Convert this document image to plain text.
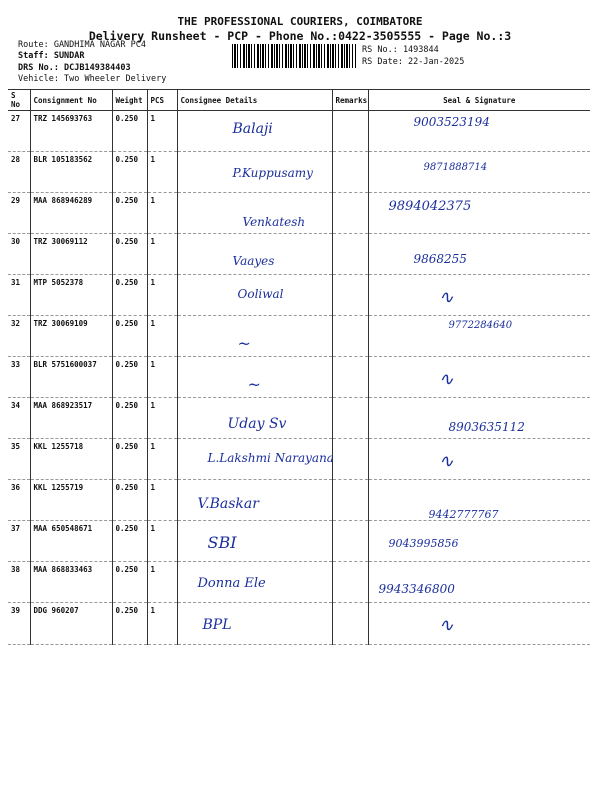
THE PROFESSIONAL COURIERS, COIMBATORE
Delivery Runsheet - PCP - Phone No.:0422-3505555 - Page No.:3
Route: GANDHIMA NAGAR PC4
Staff: SUNDAR
DRS No.: DCJB149384403
Vehicle: Two Wheeler Delivery
RS No.: 1493844
RS Date: 22-Jan-2025
S No	Consignment No	Weight	PCS	Consignee Details	Remarks	Seal & Signature
27	TRZ 145693763	0.250	1	Balaji		9003523194

28	BLR 105183562	0.250	1	P.Kuppusamy		9871888714

29	MAA 868946289	0.250	1	Venkatesh		9894042375

30	TRZ 30069112	0.250	1	Vaayes		9868255

31	MTP 5052378	0.250	1	Ooliwal		∿

32	TRZ 30069109	0.250	1	~		9772284640

33	BLR 5751600037	0.250	1	~		∿

34	MAA 868923517	0.250	1	Uday Sv		8903635112

35	KKL 1255718	0.250	1	L.Lakshmi Narayana		∿

36	KKL 1255719	0.250	1	V.Baskar		9442777767

37	MAA 650548671	0.250	1	SBI		9043995856

38	MAA 868833463	0.250	1	Donna Ele		9943346800

39	DDG 960207	0.250	1	BPL		∿
